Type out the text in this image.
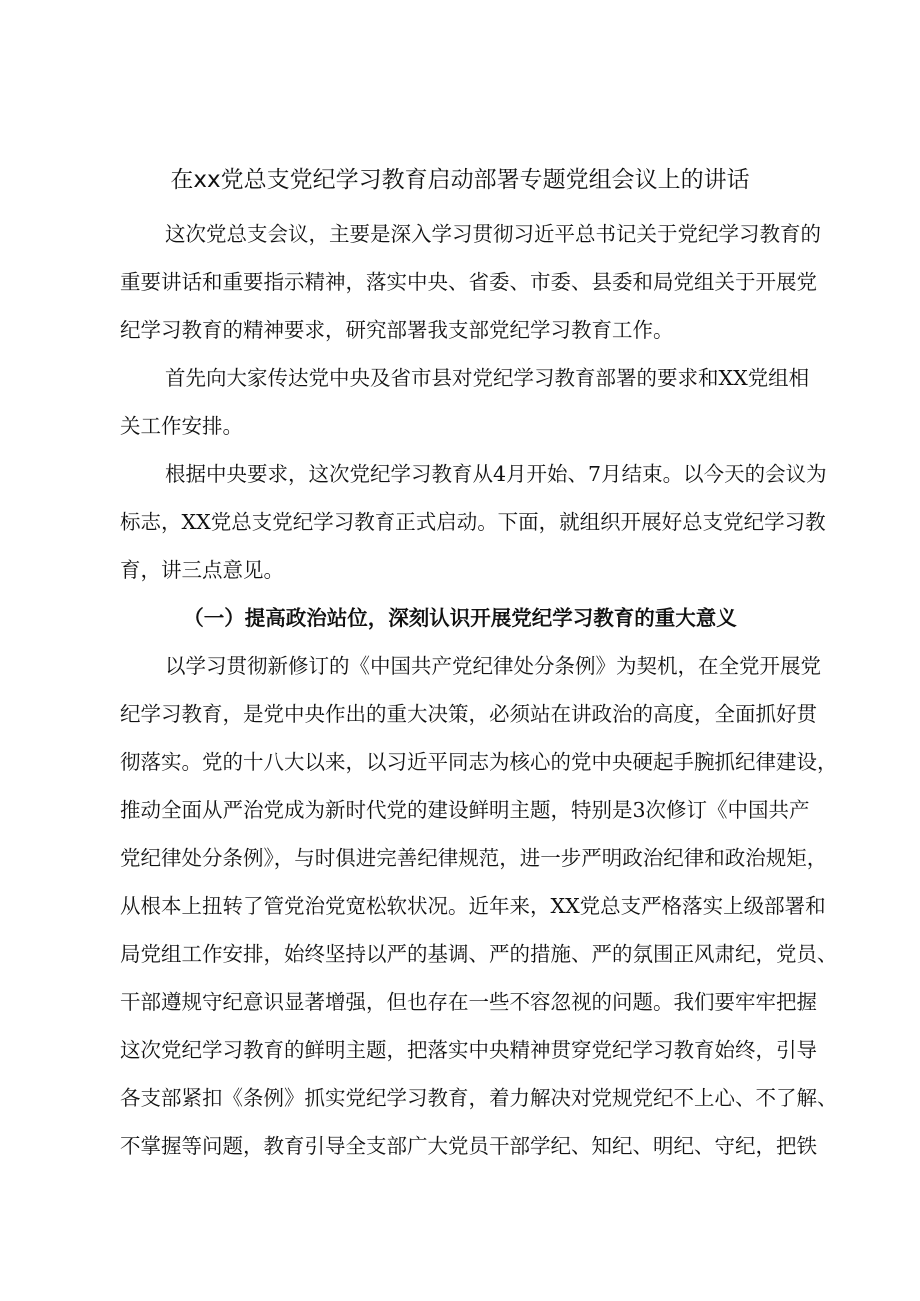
在xx党总支党纪学习教育启动部署专题党组会议上的讲话

这次党总支会议，主要是深入学习贯彻习近平总书记关于党纪学习教育的
重要讲话和重要指示精神，落实中央、省委、市委、县委和局党组关于开展党
纪学习教育的精神要求，研究部署我支部党纪学习教育工作。

首先向大家传达党中央及省市县对党纪学习教育部署的要求和XX党组相
关工作安排。

根据中央要求，这次党纪学习教育从4月开始、7月结束。以今天的会议为
标志，XX党总支党纪学习教育正式启动。下面，就组织开展好总支党纪学习教
育，讲三点意见。

（一）提高政治站位，深刻认识开展党纪学习教育的重大意义

以学习贯彻新修订的《中国共产党纪律处分条例》为契机，在全党开展党
纪学习教育，是党中央作出的重大决策，必须站在讲政治的高度，全面抓好贯
彻落实。党的十八大以来，以习近平同志为核心的党中央硬起手腕抓纪律建设，
推动全面从严治党成为新时代党的建设鲜明主题，特别是3次修订《中国共产
党纪律处分条例》，与时俱进完善纪律规范，进一步严明政治纪律和政治规矩，
从根本上扭转了管党治党宽松软状况。近年来，XX党总支严格落实上级部署和
局党组工作安排，始终坚持以严的基调、严的措施、严的氛围正风肃纪，党员、
干部遵规守纪意识显著增强，但也存在一些不容忽视的问题。我们要牢牢把握
这次党纪学习教育的鲜明主题，把落实中央精神贯穿党纪学习教育始终，引导
各支部紧扣《条例》抓实党纪学习教育，着力解决对党规党纪不上心、不了解、
不掌握等问题，教育引导全支部广大党员干部学纪、知纪、明纪、守纪，把铁
